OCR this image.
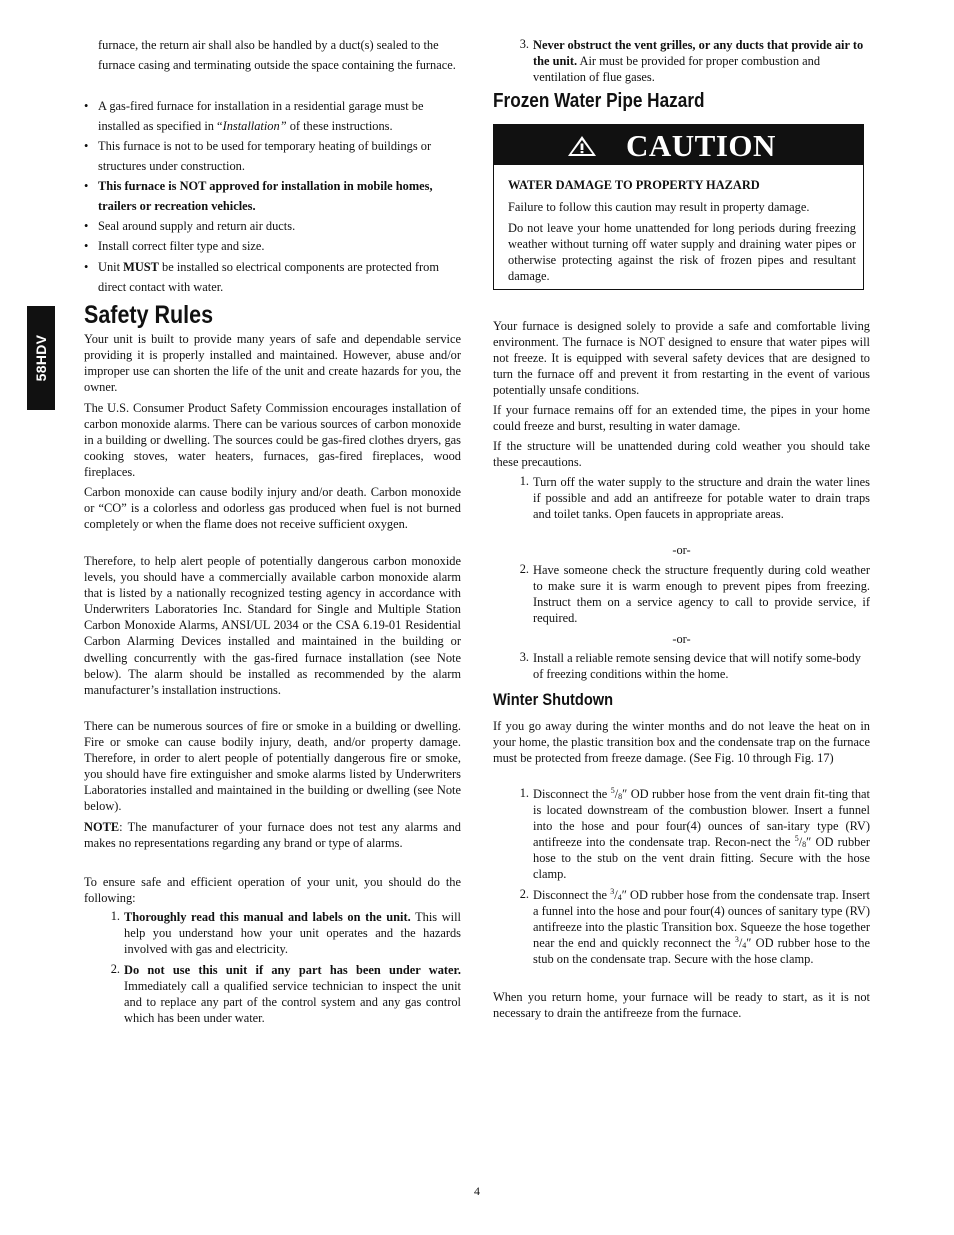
58HDV

furnace, the return air shall also be handled by a duct(s) sealed to the furnace casing and terminating outside the space containing the furnace.

• A gas-fired furnace for installation in a residential garage must be installed as specified in “Installation” of these instructions.
• This furnace is not to be used for temporary heating of buildings or structures under construction.
• This furnace is NOT approved for installation in mobile homes, trailers or recreation vehicles.
• Seal around supply and return air ducts.
• Install correct filter type and size.
• Unit MUST be installed so electrical components are protected from direct contact with water.
Safety Rules

Your unit is built to provide many years of safe and dependable service providing it is properly installed and maintained. However, abuse and/or improper use can shorten the life of the unit and create hazards for you, the owner.

The U.S. Consumer Product Safety Commission encourages installation of carbon monoxide alarms. There can be various sources of carbon monoxide in a building or dwelling. The sources could be gas-fired clothes dryers, gas cooking stoves, water heaters, furnaces, gas-fired fireplaces, wood fireplaces.

Carbon monoxide can cause bodily injury and/or death. Carbon monoxide or “CO” is a colorless and odorless gas produced when fuel is not burned completely or when the flame does not receive sufficient oxygen.

Therefore, to help alert people of potentially dangerous carbon monoxide levels, you should have a commercially available carbon monoxide alarm that is listed by a nationally recognized testing agency in accordance with Underwriters Laboratories Inc. Standard for Single and Multiple Station Carbon Monoxide Alarms, ANSI/UL 2034 or the CSA 6.19-01 Residential Carbon Alarming Devices installed and maintained in the building or dwelling concurrently with the gas-fired furnace installation (see Note below). The alarm should be installed as recommended by the alarm manufacturer’s installation instructions.

There can be numerous sources of fire or smoke in a building or dwelling. Fire or smoke can cause bodily injury, death, and/or property damage. Therefore, in order to alert people of potentially dangerous fire or smoke, you should have fire extinguisher and smoke alarms listed by Underwriters Laboratories installed and maintained in the building or dwelling (see Note below).

NOTE: The manufacturer of your furnace does not test any alarms and makes no representations regarding any brand or type of alarms.

To ensure safe and efficient operation of your unit, you should do the following:

1. Thoroughly read this manual and labels on the unit. This will help you understand how your unit operates and the hazards involved with gas and electricity.

2. Do not use this unit if any part has been under water. Immediately call a qualified service technician to inspect the unit and to replace any part of the control system and any gas control which has been under water.

3. Never obstruct the vent grilles, or any ducts that provide air to the unit. Air must be provided for proper combustion and ventilation of flue gases.

Frozen Water Pipe Hazard
CAUTION

WATER DAMAGE TO PROPERTY HAZARD

Failure to follow this caution may result in property damage.

Do not leave your home unattended for long periods during freezing weather without turning off water supply and draining water pipes or otherwise protecting against the risk of frozen pipes and resultant damage.

Your furnace is designed solely to provide a safe and comfortable living environment. The furnace is NOT designed to ensure that water pipes will not freeze. It is equipped with several safety devices that are designed to turn the furnace off and prevent it from restarting in the event of various potentially unsafe conditions.

If your furnace remains off for an extended time, the pipes in your home could freeze and burst, resulting in water damage.

If the structure will be unattended during cold weather you should take these precautions.

1. Turn off the water supply to the structure and drain the water lines if possible and add an antifreeze for potable water to drain traps and toilet tanks. Open faucets in appropriate areas.

-or-

2. Have someone check the structure frequently during cold weather to make sure it is warm enough to prevent pipes from freezing. Instruct them on a service agency to call to provide service, if required.

-or-

3. Install a reliable remote sensing device that will notify some-body of freezing conditions within the home.

Winter Shutdown

If you go away during the winter months and do not leave the heat on in your home, the plastic transition box and the condensate trap on the furnace must be protected from freeze damage. (See Fig. 10 through Fig. 17)

1. Disconnect the $^5/_8''$ OD rubber hose from the vent drain fit-ting that is located downstream of the combustion blower. Insert a funnel into the hose and pour four(4) ounces of san-itary type (RV) antifreeze into the condensate trap. Recon-nect the $^5/_8''$ OD rubber hose to the stub on the vent drain fitting. Secure with the hose clamp.

2. Disconnect the $^3/_4''$ OD rubber hose from the condensate trap. Insert a funnel into the hose and pour four(4) ounces of sanitary type (RV) antifreeze into the plastic Transition box. Squeeze the hose together near the end and quickly reconnect the $^3/_4''$ OD rubber hose to the stub on the condensate trap. Secure with the hose clamp.

When you return home, your furnace will be ready to start, as it is not necessary to drain the antifreeze from the furnace.

4
